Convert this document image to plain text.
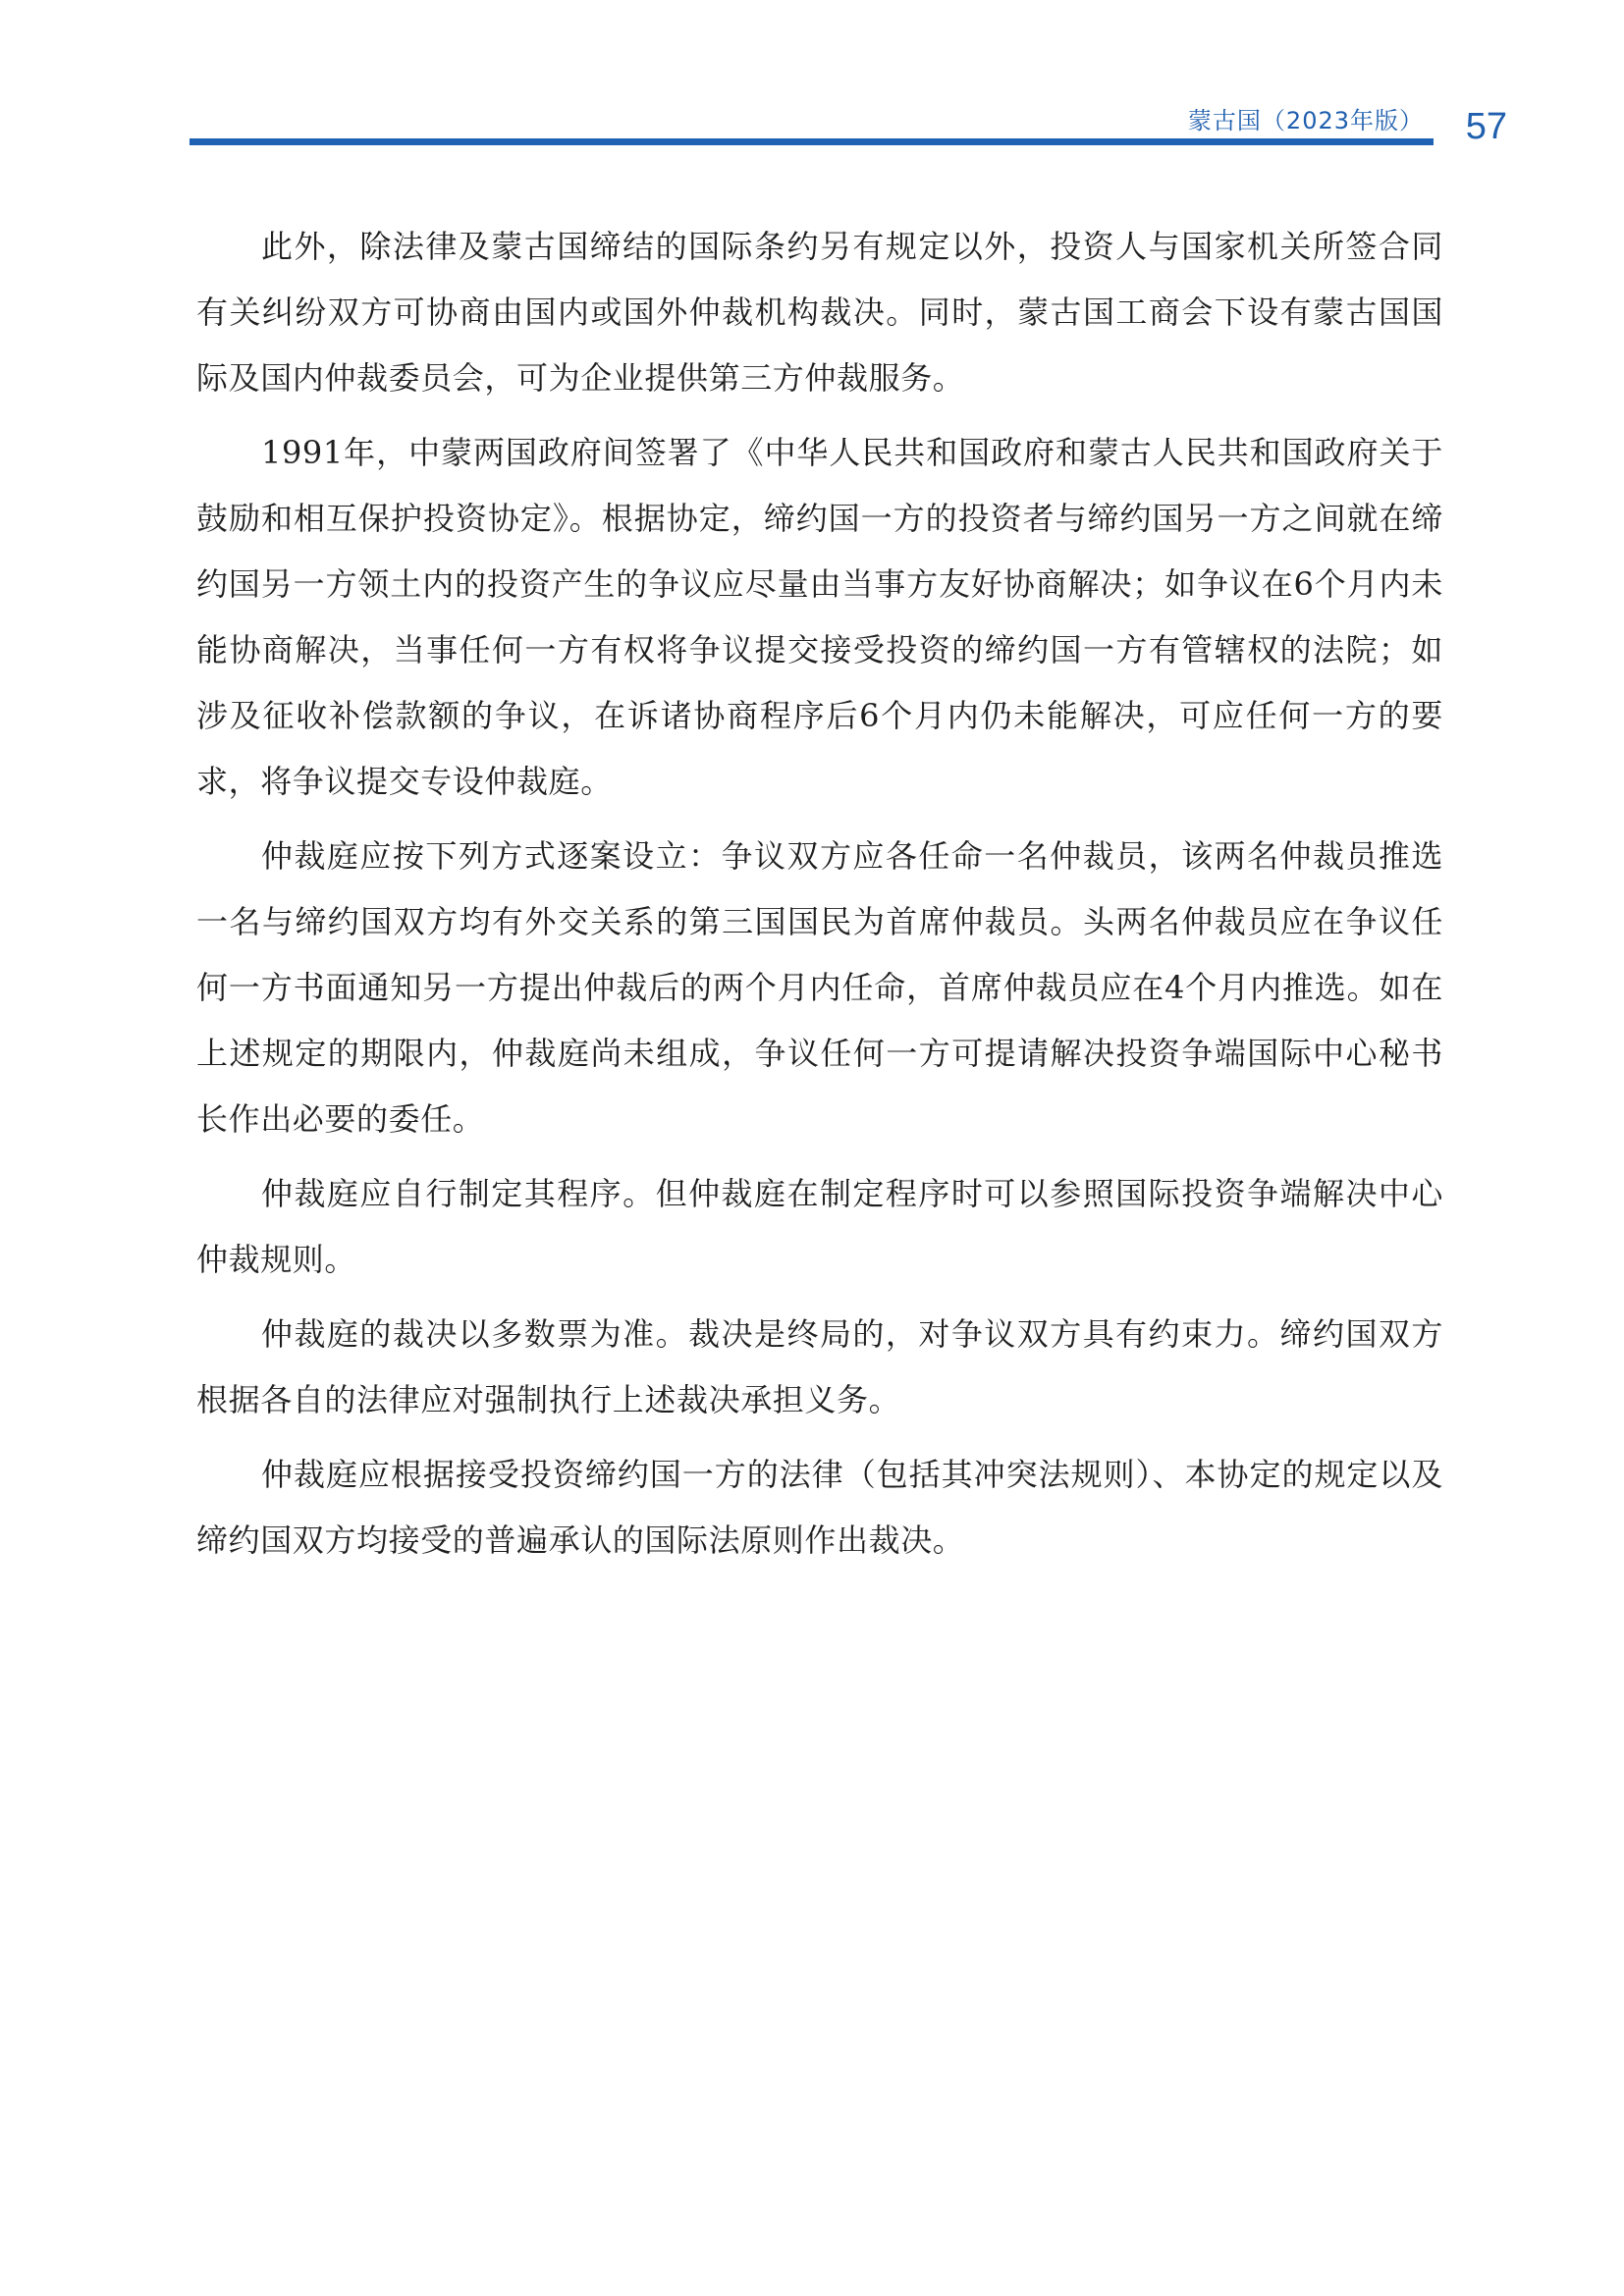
蒙古国（2023年版） 57

此外，除法律及蒙古国缔结的国际条约另有规定以外，投资人与国家机关所签合同有关纠纷双方可协商由国内或国外仲裁机构裁决。同时，蒙古国工商会下设有蒙古国国际及国内仲裁委员会，可为企业提供第三方仲裁服务。

1991年，中蒙两国政府间签署了《中华人民共和国政府和蒙古人民共和国政府关于鼓励和相互保护投资协定》。根据协定，缔约国一方的投资者与缔约国另一方之间就在缔约国另一方领土内的投资产生的争议应尽量由当事方友好协商解决；如争议在6个月内未能协商解决，当事任何一方有权将争议提交接受投资的缔约国一方有管辖权的法院；如涉及征收补偿款额的争议，在诉诸协商程序后6个月内仍未能解决，可应任何一方的要求，将争议提交专设仲裁庭。

仲裁庭应按下列方式逐案设立：争议双方应各任命一名仲裁员，该两名仲裁员推选一名与缔约国双方均有外交关系的第三国国民为首席仲裁员。头两名仲裁员应在争议任何一方书面通知另一方提出仲裁后的两个月内任命，首席仲裁员应在4个月内推选。如在上述规定的期限内，仲裁庭尚未组成，争议任何一方可提请解决投资争端国际中心秘书长作出必要的委任。

仲裁庭应自行制定其程序。但仲裁庭在制定程序时可以参照国际投资争端解决中心仲裁规则。

仲裁庭的裁决以多数票为准。裁决是终局的，对争议双方具有约束力。缔约国双方根据各自的法律应对强制执行上述裁决承担义务。

仲裁庭应根据接受投资缔约国一方的法律（包括其冲突法规则）、本协定的规定以及缔约国双方均接受的普遍承认的国际法原则作出裁决。
